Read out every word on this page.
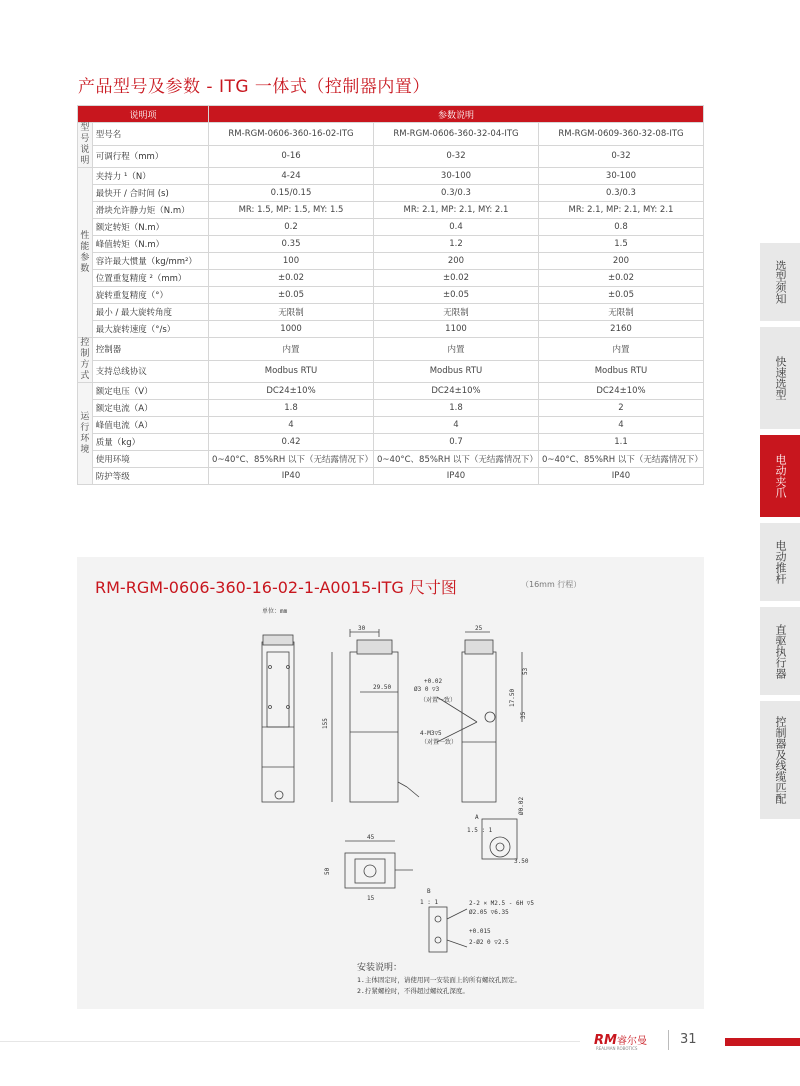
产品型号及参数 - ITG 一体式（控制器内置）
说明项		参数说明		
型号说明	型号名	RM-RGM-0606-360-16-02-ITG	RM-RGM-0606-360-32-04-ITG	RM-RGM-0609-360-32-08-ITG
	可调行程（mm）	0-16	0-32	0-32
性能参数	夹持力 ¹（N）	4-24	30-100	30-100
	最快开 / 合时间 (s)	0.15/0.15	0.3/0.3	0.3/0.3
	滑块允许静力矩（N.m）	MR: 1.5, MP: 1.5, MY: 1.5	MR: 2.1, MP: 2.1, MY: 2.1	MR: 2.1, MP: 2.1, MY: 2.1
	额定转矩（N.m）	0.2	0.4	0.8
	峰值转矩（N.m）	0.35	1.2	1.5
	容许最大惯量（kg/mm²）	100	200	200
	位置重复精度 ²（mm）	±0.02	±0.02	±0.02
	旋转重复精度（°）	±0.05	±0.05	±0.05
	最小 / 最大旋转角度	无限制	无限制	无限制
	最大旋转速度（°/s）	1000	1100	2160
控制方式	控制器	内置	内置	内置
	支持总线协议	Modbus RTU	Modbus RTU	Modbus RTU
运行环境	额定电压（V）	DC24±10%	DC24±10%	DC24±10%
	额定电流（A）	1.8	1.8	2
	峰值电流（A）	4	4	4
	质量（kg）	0.42	0.7	1.1
	使用环境	0~40°C、85%RH 以下（无结露情况下）	0~40°C、85%RH 以下（无结露情况下）	0~40°C、85%RH 以下（无结露情况下）
	防护等级	IP40	IP40	IP40
选型须知
快速选型
电动夹爪
电动推杆
直驱执行器
控制器及线缆匹配
RM-RGM-0606-360-16-02-1-A0015-ITG 尺寸图	（16mm 行程）
单位：mm
30
155
29.50
25
53
17.50
35
+0.02
Ø3 0 ▽3
（对置一致）
4-M3▽5
（对置一致）
A
1.5 : 1
3.50
Ø0.02
45
15
50
B
1 : 1	2-2 × M2.5 - 6H ▽5
Ø2.05 ▽6.35
+0.015
2-Ø2 0 ▽2.5
安装说明：
1.主体固定时，请使用同一安装面上的所有螺纹孔固定。
2.拧紧螺栓时，不得超过螺纹孔深度。
RM睿尔曼
REALMAN ROBOTICS
31
